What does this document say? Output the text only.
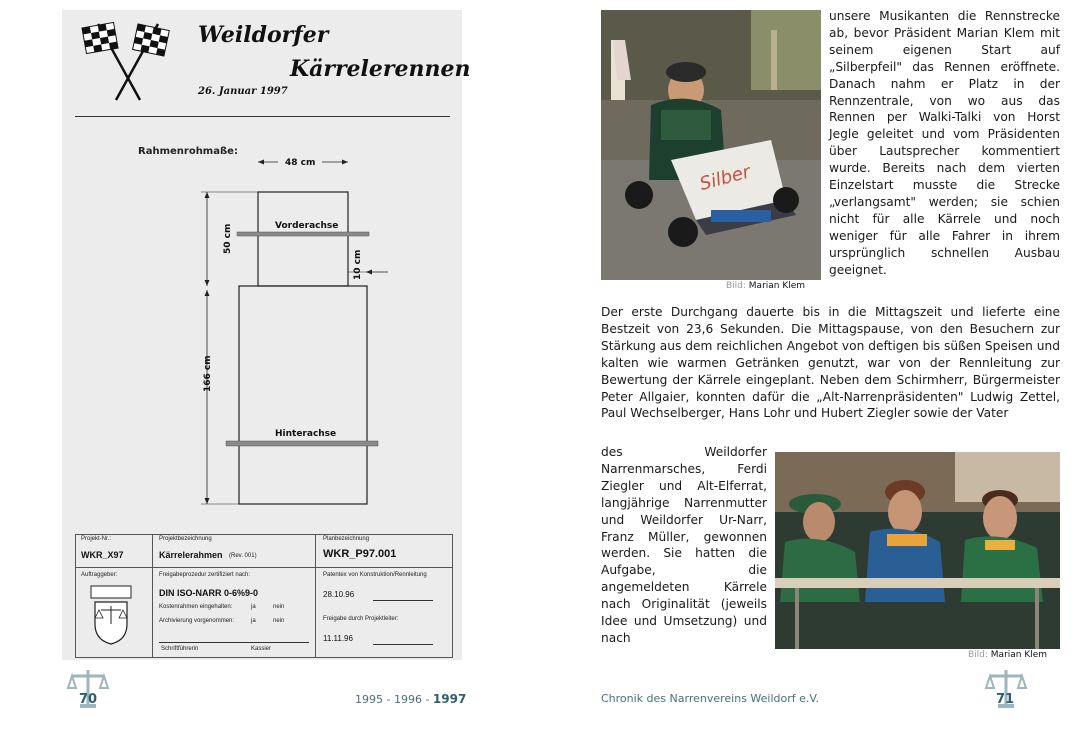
Weildorfer
Kärrelerennen
26. Januar 1997
Rahmenrohmaße:
48 cm
50 cm
166 cm
10 cm
Vorderachse
Hinterachse
Projekt-Nr.:
WKR_X97
Projektbezeichnung
Kärrelerahmen (Rev. 001)
Planbezeichnung
WKR_P97.001
Auftraggeber:	Freigabeprozedur zertifiziert nach:
DIN ISO-NARR 0-6%9-0
Kostenrahmen eingehalten:	ja	nein
Archivierung vorgenommen:	ja	nein
Schriftführerin	Kassier
Patentex von Konstruktion/Rennleitung
28.10.96
Freigabe durch Projektleiter:
11.11.96
70	1995 - 1996 - 1997
Silber
Bild: Marian Klem
unsere Musikanten die Rennstrecke ab, bevor Präsident Marian Klem mit seinem eigenen Start auf „Silberpfeil" das Rennen eröffnete. Danach nahm er Platz in der Rennzentrale, von wo aus das Rennen per Walki-Talki von Horst Jegle geleitet und vom Präsidenten über Lautsprecher kommentiert wurde. Bereits nach dem vierten Einzelstart musste die Strecke „verlangsamt" werden; sie schien nicht für alle Kärrele und noch weniger für alle Fahrer in ihrem ursprünglich schnellen Ausbau geeignet.
Der erste Durchgang dauerte bis in die Mittagszeit und lieferte eine Bestzeit von 23,6 Sekunden. Die Mittagspause, von den Besuchern zur Stärkung aus dem reichlichen Angebot von deftigen bis süßen Speisen und kalten wie warmen Getränken genutzt, war von der Rennleitung zur Bewertung der Kärrele eingeplant. Neben dem Schirmherr, Bürgermeister Peter Allgaier, konnten dafür die „Alt-Narrenpräsidenten" Ludwig Zettel, Paul Wechselberger, Hans Lohr und Hubert Ziegler sowie der Vater
des Weildorfer Narrenmarsches, Ferdi Ziegler und Alt-Elferrat, langjährige Narrenmutter und Weildorfer Ur-Narr, Franz Müller, gewonnen werden. Sie hatten die Aufgabe, die angemeldeten Kärrele nach Originalität (jeweils Idee und Umsetzung) und nach
Bild: Marian Klem
Chronik des Narrenvereins Weildorf e.V.	71
